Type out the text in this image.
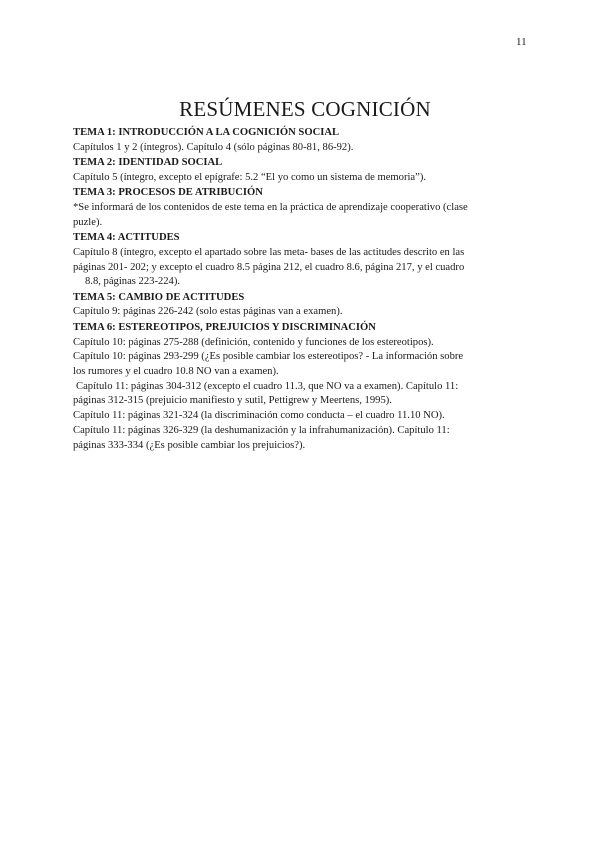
11
RESÚMENES COGNICIÓN

TEMA 1: INTRODUCCIÓN A LA COGNICIÓN SOCIAL

Capítulos 1 y 2 (íntegros). Capítulo 4 (sólo páginas 80-81, 86-92).

TEMA 2: IDENTIDAD SOCIAL

Capítulo 5 (íntegro, excepto el epígrafe: 5.2 “El yo como un sistema de memoria”).

TEMA 3: PROCESOS DE ATRIBUCIÓN

*Se informará de los contenidos de este tema en la práctica de aprendizaje cooperativo (clase

puzle).

TEMA 4: ACTITUDES

Capítulo 8 (íntegro, excepto el apartado sobre las meta- bases de las actitudes descrito en las

páginas 201- 202; y excepto el cuadro 8.5 página 212, el cuadro 8.6, página 217, y el cuadro

8.8, páginas 223-224).

TEMA 5: CAMBIO DE ACTITUDES

Capítulo 9: páginas 226-242 (solo estas páginas van a examen).

TEMA 6: ESTEREOTIPOS, PREJUICIOS Y DISCRIMINACIÓN

Capítulo 10: páginas 275-288 (definición, contenido y funciones de los estereotipos).

Capítulo 10: páginas 293-299 (¿Es posible cambiar los estereotipos? - La información sobre

los rumores y el cuadro 10.8 NO van a examen).

Capítulo 11: páginas 304-312 (excepto el cuadro 11.3, que NO va a examen). Capítulo 11:

páginas 312-315 (prejuicio manifiesto y sutil, Pettigrew y Meertens, 1995).

Capítulo 11: páginas 321-324 (la discriminación como conducta – el cuadro 11.10 NO).

Capítulo 11: páginas 326-329 (la deshumanización y la infrahumanización). Capítulo 11:

páginas 333-334 (¿Es posible cambiar los prejuicios?).
